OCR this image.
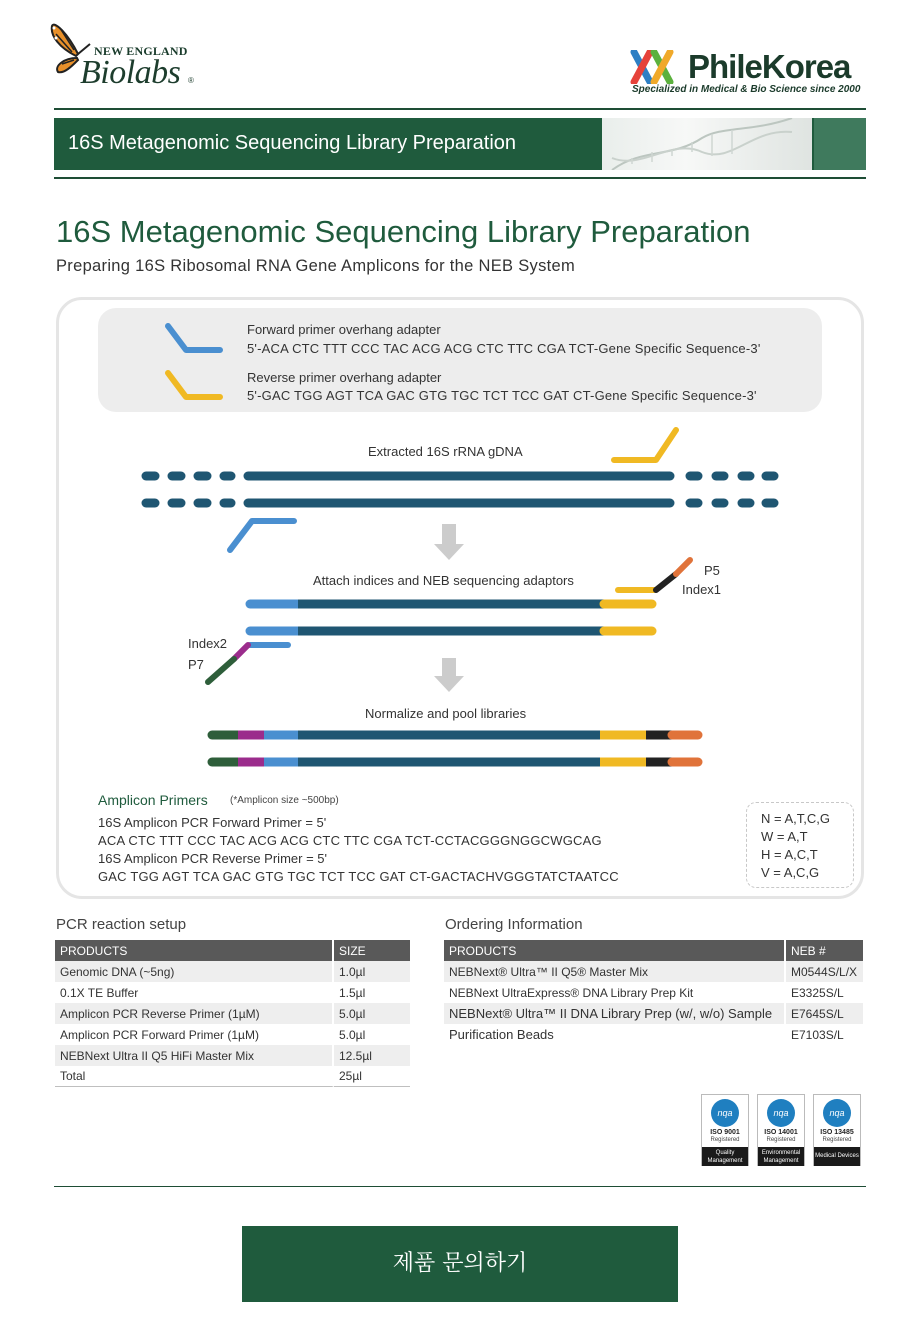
NEW ENGLAND
Biolabs ®	PhileKorea
Specialized in Medical & Bio Science since 2000
16S Metagenomic Sequencing Library Preparation
16S Metagenomic Sequencing Library Preparation
Preparing 16S Ribosomal RNA Gene Amplicons for the NEB System
Forward primer overhang adapter
5'-ACA CTC TTT CCC TAC ACG ACG CTC TTC CGA TCT-Gene Specific Sequence-3'
Reverse primer overhang adapter
5'-GAC TGG AGT TCA GAC GTG TGC TCT TCC GAT CT-Gene Specific Sequence-3'
Extracted 16S rRNA gDNA
Attach indices and NEB sequencing adaptors
P5
Index1
Index2
P7
Normalize and pool libraries
Amplicon Primers (*Amplicon size ~500bp)
16S Amplicon PCR Forward Primer = 5'
ACA CTC TTT CCC TAC ACG ACG CTC TTC CGA TCT-CCTACGGGNGGCWGCAG
16S Amplicon PCR Reverse Primer = 5'
GAC TGG AGT TCA GAC GTG TGC TCT TCC GAT CT-GACTACHVGGGTATCTAATCC
N = A,T,C,G
W = A,T
H = A,C,T
V = A,C,G
PCR reaction setup
PRODUCTS	SIZE
Genomic DNA (~5ng)	1.0µl
0.1X TE Buffer	1.5µl
Amplicon PCR Reverse Primer (1µM)	5.0µl
Amplicon PCR Forward Primer (1µM)	5.0µl
NEBNext Ultra II Q5 HiFi Master Mix	12.5µl
Total	25µl
Ordering Information
PRODUCTS	NEB #
NEBNext® Ultra™ II Q5® Master Mix	M0544S/L/X
NEBNext UltraExpress® DNA Library Prep Kit	E3325S/L
NEBNext® Ultra™ II DNA Library Prep (w/, w/o) Sample	E7645S/L
Purification Beads	E7103S/L
nqa
ISO 9001
Registered
Quality
Management
nqa
ISO 14001
Registered
Environmental
Management
nqa
ISO 13485
Registered
Medical Devices
제품 문의하기
